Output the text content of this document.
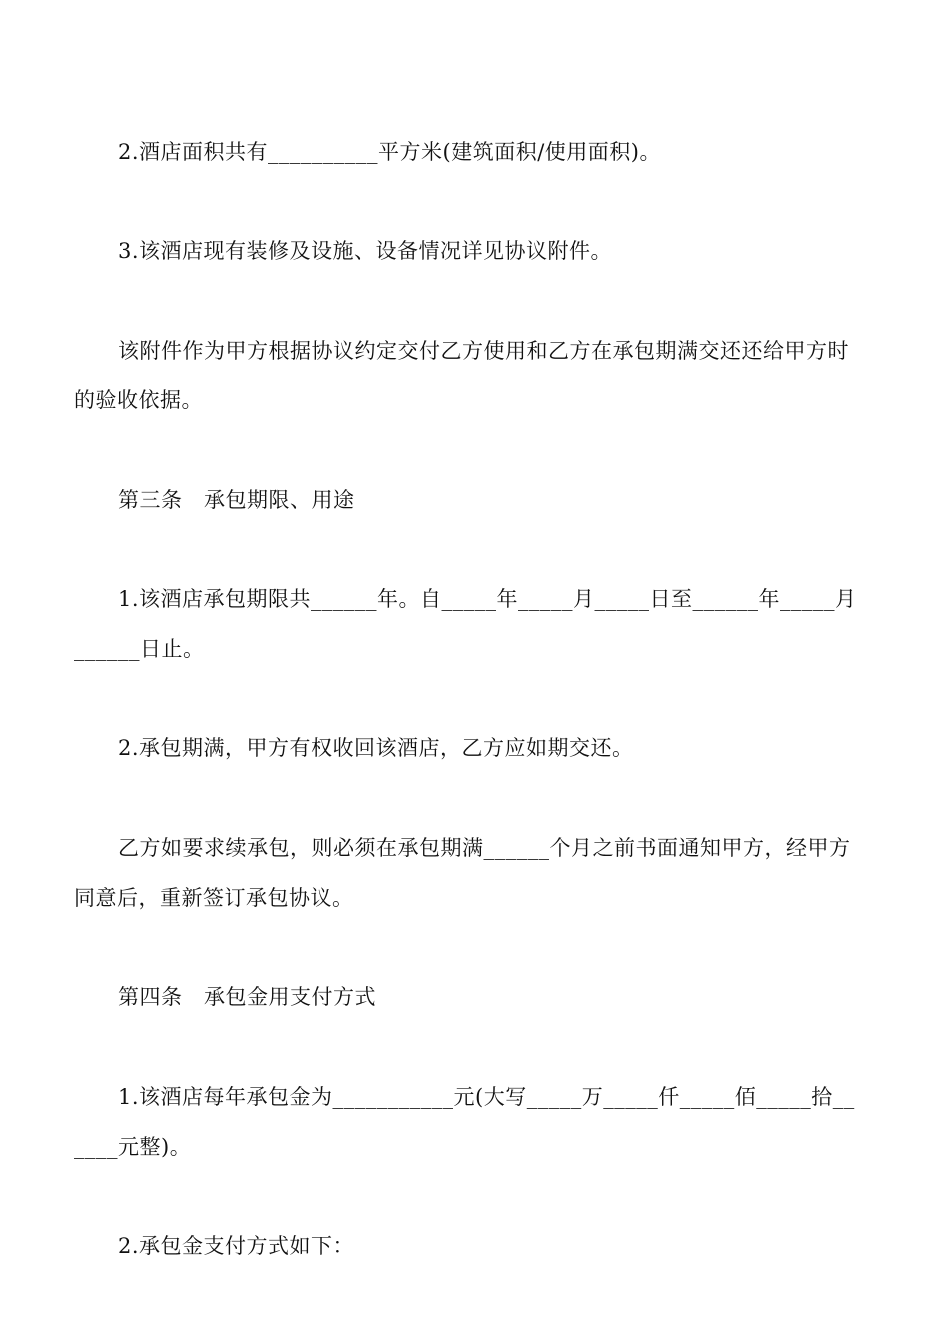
2.酒店面积共有__________平方米(建筑面积/使用面积)。
3.该酒店现有装修及设施、设备情况详见协议附件。
该附件作为甲方根据协议约定交付乙方使用和乙方在承包期满交还还给甲方时
的验收依据。
第三条   承包期限、用途
1.该酒店承包期限共______年。自_____年_____月_____日至______年_____月
______日止。
2.承包期满，甲方有权收回该酒店，乙方应如期交还。
乙方如要求续承包，则必须在承包期满______个月之前书面通知甲方，经甲方
同意后，重新签订承包协议。
第四条   承包金用支付方式
1.该酒店每年承包金为___________元(大写_____万_____仟_____佰_____拾__
____元整)。
2.承包金支付方式如下：
